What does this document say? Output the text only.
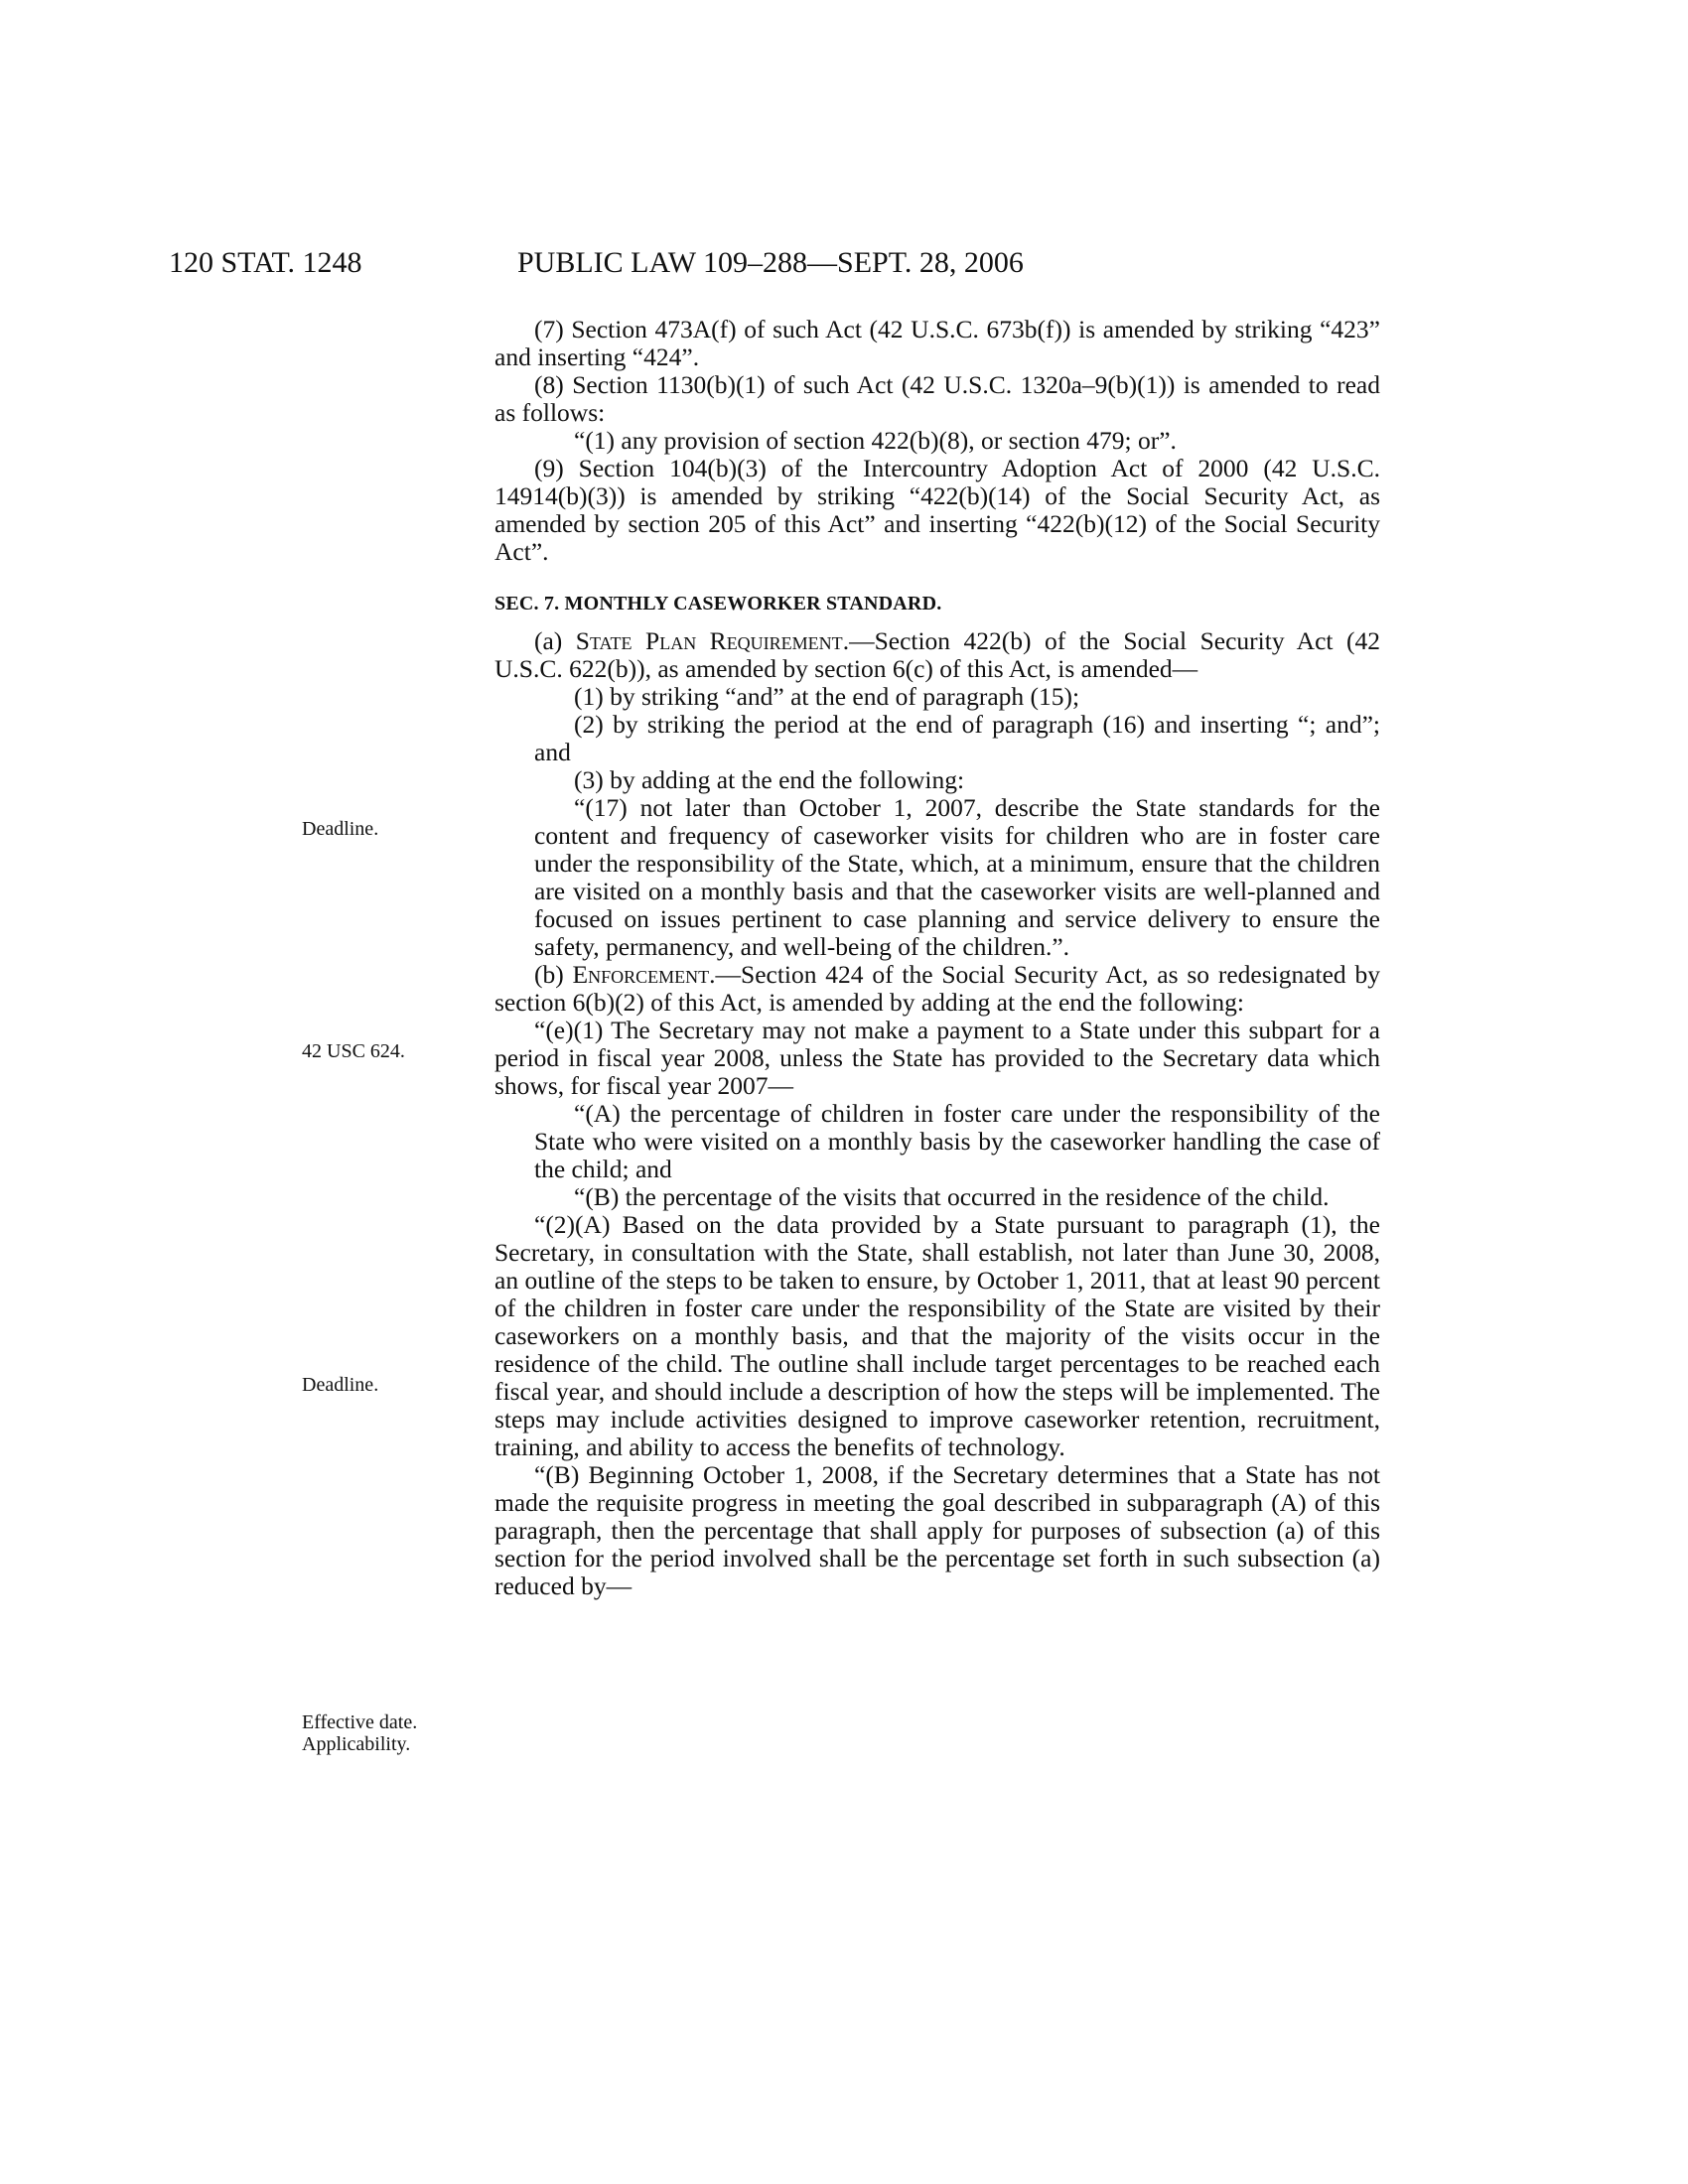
120 STAT. 1248	PUBLIC LAW 109–288—SEPT. 28, 2006
Deadline.
42 USC 624.
Deadline.
Effective date.
Applicability.

(7) Section 473A(f) of such Act (42 U.S.C. 673b(f)) is amended by striking “423” and inserting “424”.

(8) Section 1130(b)(1) of such Act (42 U.S.C. 1320a–9(b)(1)) is amended to read as follows:

“(1) any provision of section 422(b)(8), or section 479; or”.

(9) Section 104(b)(3) of the Intercountry Adoption Act of 2000 (42 U.S.C. 14914(b)(3)) is amended by striking “422(b)(14) of the Social Security Act, as amended by section 205 of this Act” and inserting “422(b)(12) of the Social Security Act”.

SEC. 7. MONTHLY CASEWORKER STANDARD.

(a) State Plan Requirement.—Section 422(b) of the Social Security Act (42 U.S.C. 622(b)), as amended by section 6(c) of this Act, is amended—

(1) by striking “and” at the end of paragraph (15);

(2) by striking the period at the end of paragraph (16) and inserting “; and”; and

(3) by adding at the end the following:

“(17) not later than October 1, 2007, describe the State standards for the content and frequency of caseworker visits for children who are in foster care under the responsibility of the State, which, at a minimum, ensure that the children are visited on a monthly basis and that the caseworker visits are well-planned and focused on issues pertinent to case planning and service delivery to ensure the safety, permanency, and well-being of the children.”.

(b) Enforcement.—Section 424 of the Social Security Act, as so redesignated by section 6(b)(2) of this Act, is amended by adding at the end the following:

“(e)(1) The Secretary may not make a payment to a State under this subpart for a period in fiscal year 2008, unless the State has provided to the Secretary data which shows, for fiscal year 2007—

“(A) the percentage of children in foster care under the responsibility of the State who were visited on a monthly basis by the caseworker handling the case of the child; and

“(B) the percentage of the visits that occurred in the residence of the child.

“(2)(A) Based on the data provided by a State pursuant to paragraph (1), the Secretary, in consultation with the State, shall establish, not later than June 30, 2008, an outline of the steps to be taken to ensure, by October 1, 2011, that at least 90 percent of the children in foster care under the responsibility of the State are visited by their caseworkers on a monthly basis, and that the majority of the visits occur in the residence of the child. The outline shall include target percentages to be reached each fiscal year, and should include a description of how the steps will be implemented. The steps may include activities designed to improve caseworker retention, recruitment, training, and ability to access the benefits of technology.

“(B) Beginning October 1, 2008, if the Secretary determines that a State has not made the requisite progress in meeting the goal described in subparagraph (A) of this paragraph, then the percentage that shall apply for purposes of subsection (a) of this section for the period involved shall be the percentage set forth in such subsection (a) reduced by—
